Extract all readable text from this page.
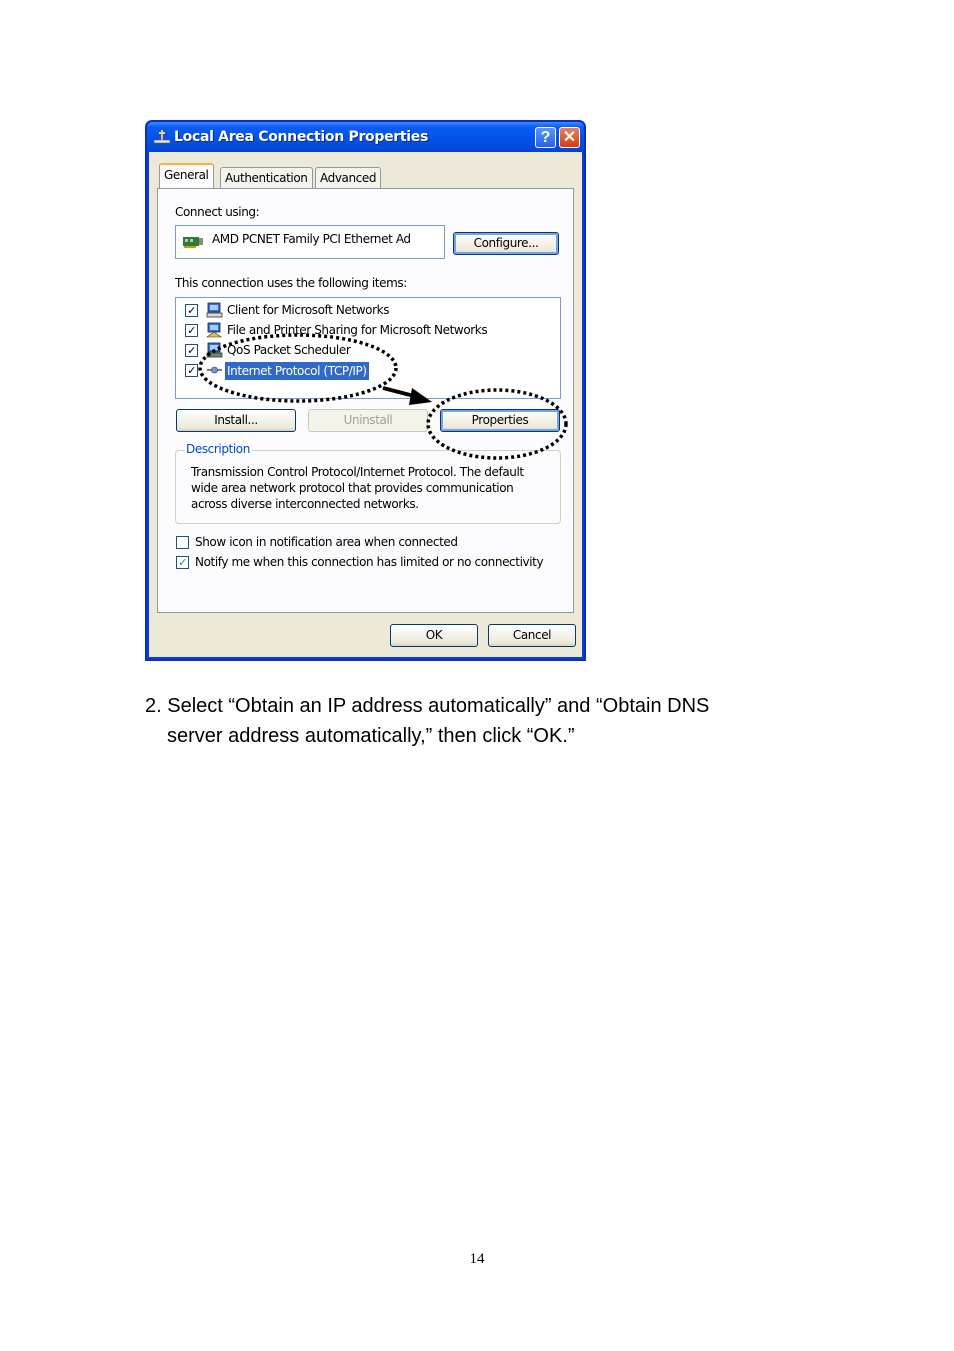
Local Area Connection Properties	? ✕
General	Authentication	Advanced
Connect using:
AMD PCNET Family PCI Ethernet Ad	Configure...
This connection uses the following items:
✓	Client for Microsoft Networks
✓	File and Printer Sharing for Microsoft Networks
✓	QoS Packet Scheduler
✓	Internet Protocol (TCP/IP)
Install...	Uninstall	Properties
Description
Transmission Control Protocol/Internet Protocol. The default
wide area network protocol that provides communication
across diverse interconnected networks.
Show icon in notification area when connected
✓ Notify me when this connection has limited or no connectivity
OK	Cancel
2. Select “Obtain an IP address automatically” and “Obtain DNS
server address automatically,” then click “OK.”
14
